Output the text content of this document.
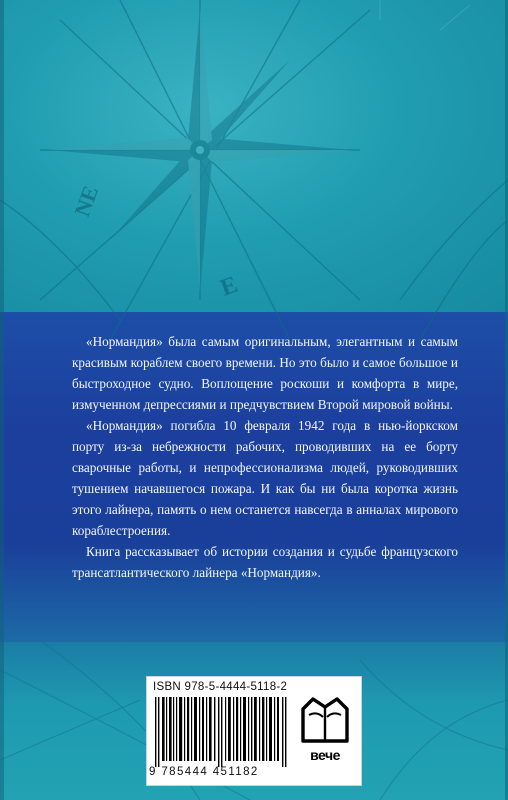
NE
E

«Нормандия» была самым оригинальным, элегантным и самым красивым кораблем своего времени. Но это было и самое большое и быстроходное судно. Воплощение роскоши и комфорта в мире, измученном депрессиями и предчувствием Второй мировой войны.

«Нормандия» погибла 10 февраля 1942 года в нью-йоркском порту из-за небрежности рабочих, проводивших на ее борту сварочные работы, и непрофессионализма людей, руководивших тушением начавшегося пожара. И как бы ни была коротка жизнь этого лайнера, память о нем останется навсегда в анналах мирового кораблестроения.

Книга рассказывает об истории создания и судьбе французского трансатлантического лайнера «Нормандия».

ISBN 978-5-4444-5118-2
9 785444 451182
вече
